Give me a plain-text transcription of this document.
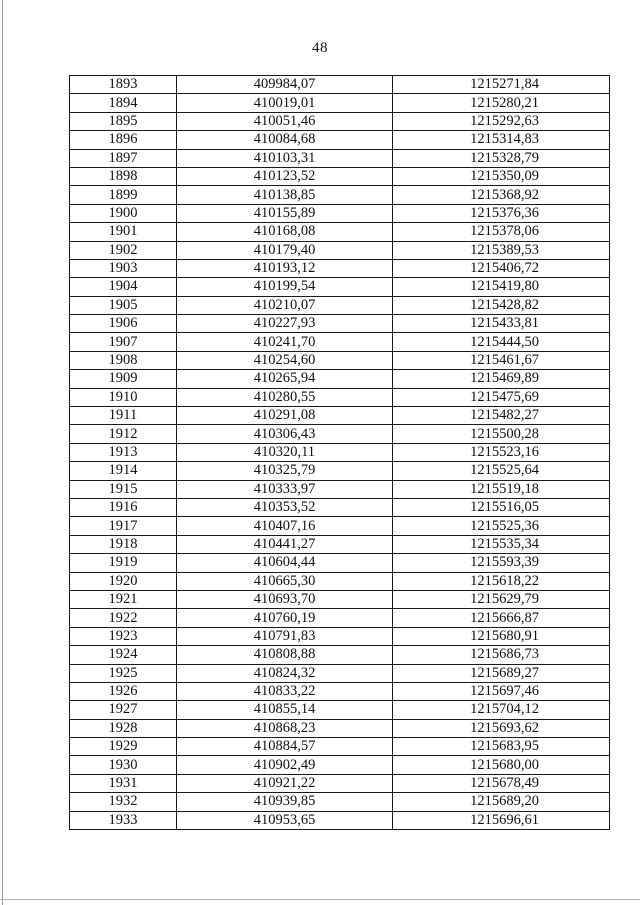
48
1893	409984,07	1215271,84
1894	410019,01	1215280,21
1895	410051,46	1215292,63
1896	410084,68	1215314,83
1897	410103,31	1215328,79
1898	410123,52	1215350,09
1899	410138,85	1215368,92
1900	410155,89	1215376,36
1901	410168,08	1215378,06
1902	410179,40	1215389,53
1903	410193,12	1215406,72
1904	410199,54	1215419,80
1905	410210,07	1215428,82
1906	410227,93	1215433,81
1907	410241,70	1215444,50
1908	410254,60	1215461,67
1909	410265,94	1215469,89
1910	410280,55	1215475,69
1911	410291,08	1215482,27
1912	410306,43	1215500,28
1913	410320,11	1215523,16
1914	410325,79	1215525,64
1915	410333,97	1215519,18
1916	410353,52	1215516,05
1917	410407,16	1215525,36
1918	410441,27	1215535,34
1919	410604,44	1215593,39
1920	410665,30	1215618,22
1921	410693,70	1215629,79
1922	410760,19	1215666,87
1923	410791,83	1215680,91
1924	410808,88	1215686,73
1925	410824,32	1215689,27
1926	410833,22	1215697,46
1927	410855,14	1215704,12
1928	410868,23	1215693,62
1929	410884,57	1215683,95
1930	410902,49	1215680,00
1931	410921,22	1215678,49
1932	410939,85	1215689,20
1933	410953,65	1215696,61
